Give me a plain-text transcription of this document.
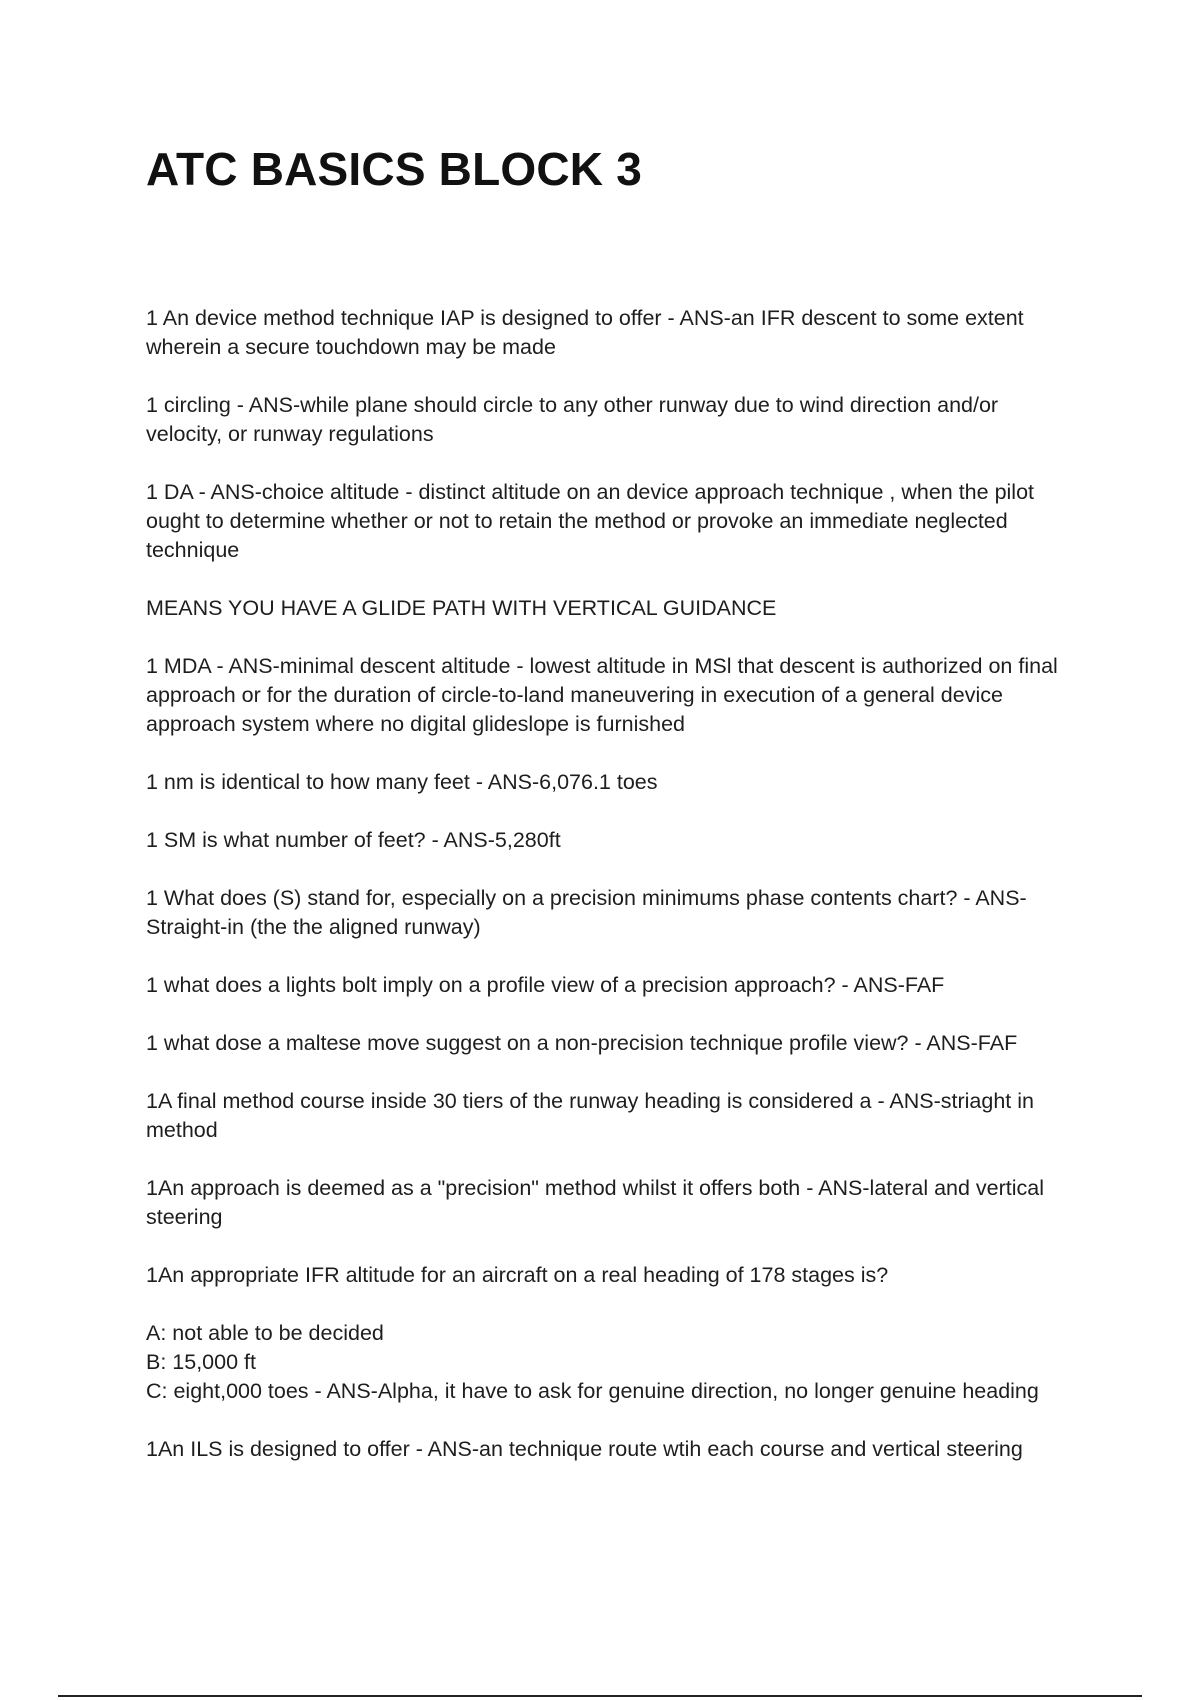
ATC BASICS BLOCK 3

1 An device method technique IAP is designed to offer - ANS-an IFR descent to some extent wherein a secure touchdown may be made

1 circling - ANS-while plane should circle to any other runway due to wind direction and/or velocity, or runway regulations

1 DA - ANS-choice altitude - distinct altitude on an device approach technique , when the pilot ought to determine whether or not to retain the method or provoke an immediate neglected technique

MEANS YOU HAVE A GLIDE PATH WITH VERTICAL GUIDANCE

1 MDA - ANS-minimal descent altitude - lowest altitude in MSl that descent is authorized on final approach or for the duration of circle-to-land maneuvering in execution of a general device approach system where no digital glideslope is furnished

1 nm is identical to how many feet - ANS-6,076.1 toes

1 SM is what number of feet? - ANS-5,280ft

1 What does (S) stand for, especially on a precision minimums phase contents chart? - ANS-Straight-in (the the aligned runway)

1 what does a lights bolt imply on a profile view of a precision approach? - ANS-FAF

1 what dose a maltese move suggest on a non-precision technique profile view? - ANS-FAF

1A final method course inside 30 tiers of the runway heading is considered a - ANS-striaght in method

1An approach is deemed as a "precision" method whilst it offers both - ANS-lateral and vertical steering

1An appropriate IFR altitude for an aircraft on a real heading of 178 stages is?

A: not able to be decided

B: 15,000 ft

C: eight,000 toes - ANS-Alpha, it have to ask for genuine direction, no longer genuine heading

1An ILS is designed to offer - ANS-an technique route wtih each course and vertical steering
